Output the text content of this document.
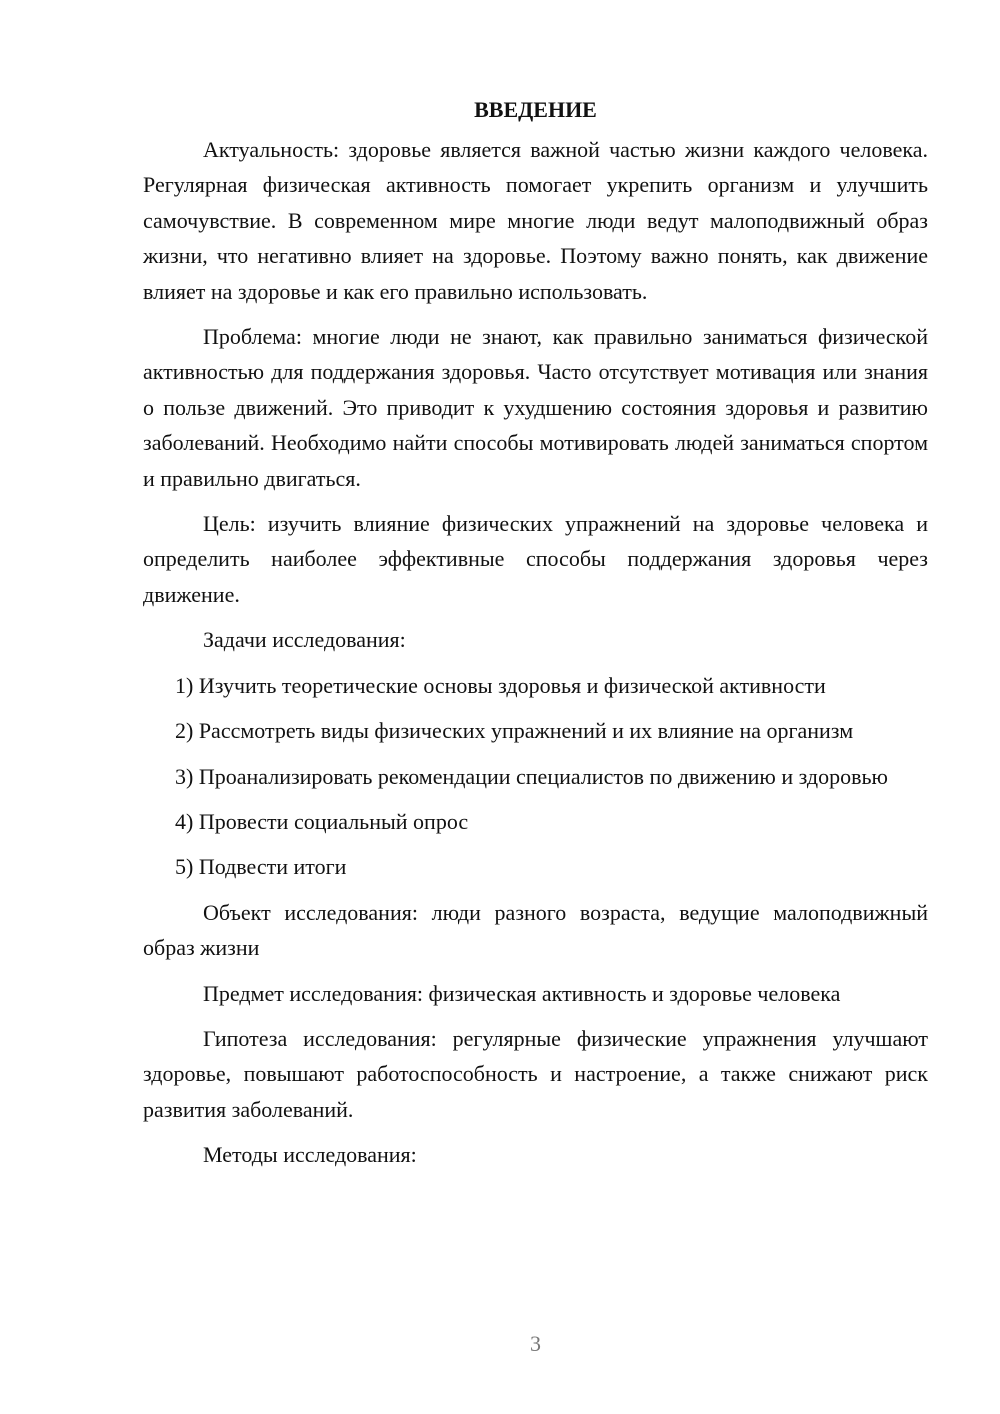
ВВЕДЕНИЕ

Актуальность: здоровье является важной частью жизни каждого человека. Регулярная физическая активность помогает укрепить организм и улучшить самочувствие. В современном мире многие люди ведут малоподвижный образ жизни, что негативно влияет на здоровье. Поэтому важно понять, как движение влияет на здоровье и как его правильно использовать.

Проблема: многие люди не знают, как правильно заниматься физической активностью для поддержания здоровья. Часто отсутствует мотивация или знания о пользе движений. Это приводит к ухудшению состояния здоровья и развитию заболеваний. Необходимо найти способы мотивировать людей заниматься спортом и правильно двигаться.

Цель: изучить влияние физических упражнений на здоровье человека и определить наиболее эффективные способы поддержания здоровья через движение.

Задачи исследования:

1) Изучить теоретические основы здоровья и физической активности

2) Рассмотреть виды физических упражнений и их влияние на организм

3) Проанализировать рекомендации специалистов по движению и здоровью

4) Провести социальный опрос

5) Подвести итоги

Объект исследования: люди разного возраста, ведущие малоподвижный образ жизни

Предмет исследования: физическая активность и здоровье человека

Гипотеза исследования: регулярные физические упражнения улучшают здоровье, повышают работоспособность и настроение, а также снижают риск развития заболеваний.

Методы исследования:

3
